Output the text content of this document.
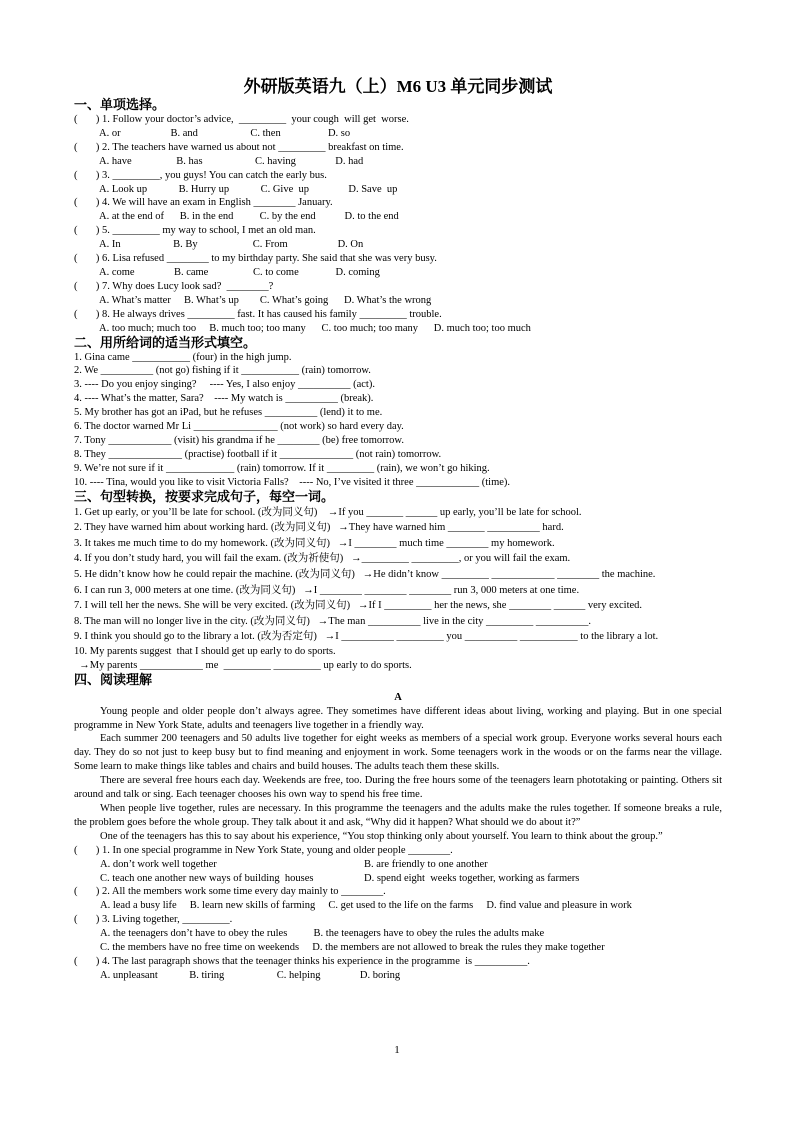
外研版英语九（上）M6 U3 单元同步测试
一、单项选择。
(       ) 1. Follow your doctor’s advice,  _________  your cough  will get  worse.
A. or                   B. and                    C. then                  D. so
(       ) 2. The teachers have warned us about not _________ breakfast on time.
A. have                 B. has                    C. having               D. had
(       ) 3. _________, you guys! You can catch the early bus.
A. Look up            B. Hurry up            C. Give  up               D. Save  up
(       ) 4. We will have an exam in English ________ January.
A. at the end of      B. in the end          C. by the end           D. to the end
(       ) 5. _________ my way to school, I met an old man.
A. In                    B. By                     C. From                   D. On
(       ) 6. Lisa refused ________ to my birthday party. She said that she was very busy.
A. come               B. came                 C. to come              D. coming
(       ) 7. Why does Lucy look sad?  ________?
A. What’s matter     B. What’s up        C. What’s going      D. What’s the wrong
(       ) 8. He always drives _________ fast. It has caused his family _________ trouble.
A. too much; much too     B. much too; too many      C. too much; too many      D. much too; too much
二、用所给词的适当形式填空。
1. Gina came ___________ (four) in the high jump.
2. We __________ (not go) fishing if it ___________ (rain) tomorrow.
3. ---- Do you enjoy singing?     ---- Yes, I also enjoy __________ (act).
4. ---- What’s the matter, Sara?    ---- My watch is __________ (break).
5. My brother has got an iPad, but he refuses __________ (lend) it to me.
6. The doctor warned Mr Li ________________ (not work) so hard every day.
7. Tony ____________ (visit) his grandma if he ________ (be) free tomorrow.
8. They ______________ (practise) football if it ______________ (not rain) tomorrow.
9. We’re not sure if it _____________ (rain) tomorrow. If it _________ (rain), we won’t go hiking.
10. ---- Tina, would you like to visit Victoria Falls?    ---- No, I’ve visited it three ____________ (time).
三、句型转换，按要求完成句子，每空一词。
1. Get up early, or you’ll be late for school. (改为同义句)    →If you _______ ______ up early, you’ll be late for school.
2. They have warned him about working hard. (改为同义句)   →They have warned him _______ __________ hard.
3. It takes me much time to do my homework. (改为同义句)   →I ________ much time ________ my homework.
4. If you don’t study hard, you will fail the exam. (改为祈使句)   →_________ _________, or you will fail the exam.
5. He didn’t know how he could repair the machine. (改为同义句)   →He didn’t know _________ ____________ ________ the machine.
6. I can run 3, 000 meters at one time. (改为同义句)   →I ________ ________ ________ run 3, 000 meters at one time.
7. I will tell her the news. She will be very excited. (改为同义句)   →If I _________ her the news, she ________ ______ very excited.
8. The man will no longer live in the city. (改为同义句)   →The man __________ live in the city _________ __________.
9. I think you should go to the library a lot. (改为否定句)   →I __________ _________ you __________ ___________ to the library a lot.
10. My parents suggest  that I should get up early to do sports.
→My parents ____________ me  _________ _________ up early to do sports.
四、阅读理解
A

Young people and older people don’t always agree. They sometimes have different ideas about living, working and playing. But in one special programme in New York State, adults and teenagers live together in a friendly way.

Each summer 200 teenagers and 50 adults live together for eight weeks as members of a special work group. Everyone works several hours each day. They do so not just to keep busy but to find meaning and enjoyment in work. Some teenagers work in the woods or on the farms near the village. Some learn to make things like tables and chairs and build houses. The adults teach them these skills.

There are several free hours each day. Weekends are free, too. During the free hours some of the teenagers learn phototaking or painting. Others sit around and talk or sing. Each teenager chooses his own way to spend his free time.

When people live together, rules are necessary. In this programme the teenagers and the adults make the rules together. If someone breaks a rule, the problem goes before the whole group. They talk about it and ask, “Why did it happen? What should we do about it?”

One of the teenagers has this to say about his experience, “You stop thinking only about yourself. You learn to think about the group.”

(       ) 1. In one special programme in New York State, young and older people ________.
A. don’t work well together	B. are friendly to one another
C. teach one another new ways of building  houses	D. spend eight  weeks together, working as farmers
(       ) 2. All the members work some time every day mainly to ________.
A. lead a busy life     B. learn new skills of farming     C. get used to the life on the farms     D. find value and pleasure in work
(       ) 3. Living together, _________.
A. the teenagers don’t have to obey the rules          B. the teenagers have to obey the rules the adults make
C. the members have no free time on weekends     D. the members are not allowed to break the rules they make together
(       ) 4. The last paragraph shows that the teenager thinks his experience in the programme  is __________.
A. unpleasant            B. tiring                    C. helping               D. boring
1
